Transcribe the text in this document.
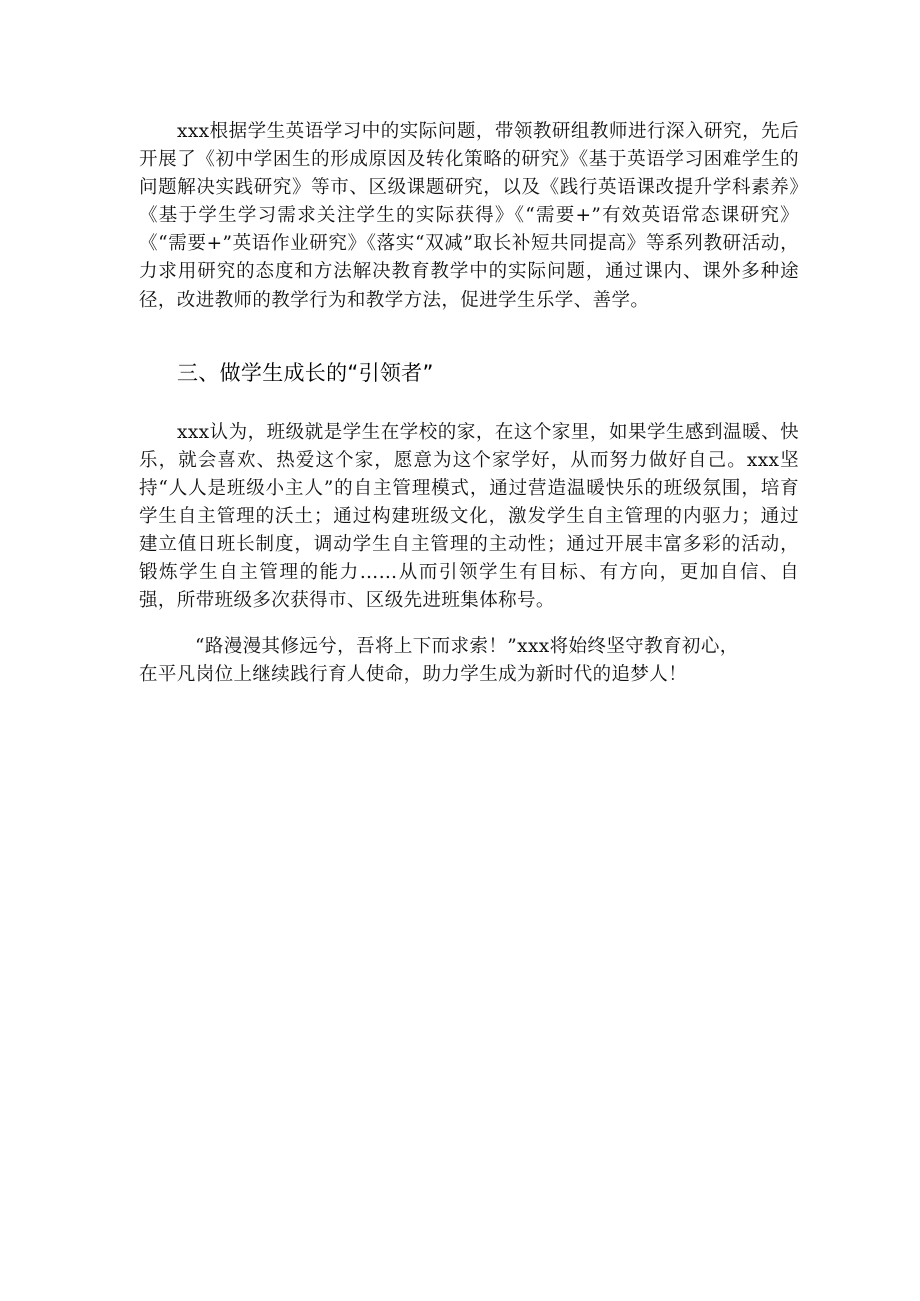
xxx根据学生英语学习中的实际问题，带领教研组教师进行深入研究，先后开展了《初中学困生的形成原因及转化策略的研究》《基于英语学习困难学生的问题解决实践研究》等市、区级课题研究，以及《践行英语课改提升学科素养》《基于学生学习需求关注学生的实际获得》《“需要+”有效英语常态课研究》《“需要+”英语作业研究》《落实“双减”取长补短共同提高》等系列教研活动，力求用研究的态度和方法解决教育教学中的实际问题，通过课内、课外多种途径，改进教师的教学行为和教学方法，促进学生乐学、善学。

三、做学生成长的“引领者”

xxx认为，班级就是学生在学校的家，在这个家里，如果学生感到温暖、快乐，就会喜欢、热爱这个家，愿意为这个家学好，从而努力做好自己。xxx坚持“人人是班级小主人”的自主管理模式，通过营造温暖快乐的班级氛围，培育学生自主管理的沃土；通过构建班级文化，激发学生自主管理的内驱力；通过建立值日班长制度，调动学生自主管理的主动性；通过开展丰富多彩的活动，锻炼学生自主管理的能力……从而引领学生有目标、有方向，更加自信、自强，所带班级多次获得市、区级先进班集体称号。

“路漫漫其修远兮，吾将上下而求索！”xxx将始终坚守教育初心，在平凡岗位上继续践行育人使命，助力学生成为新时代的追梦人！
